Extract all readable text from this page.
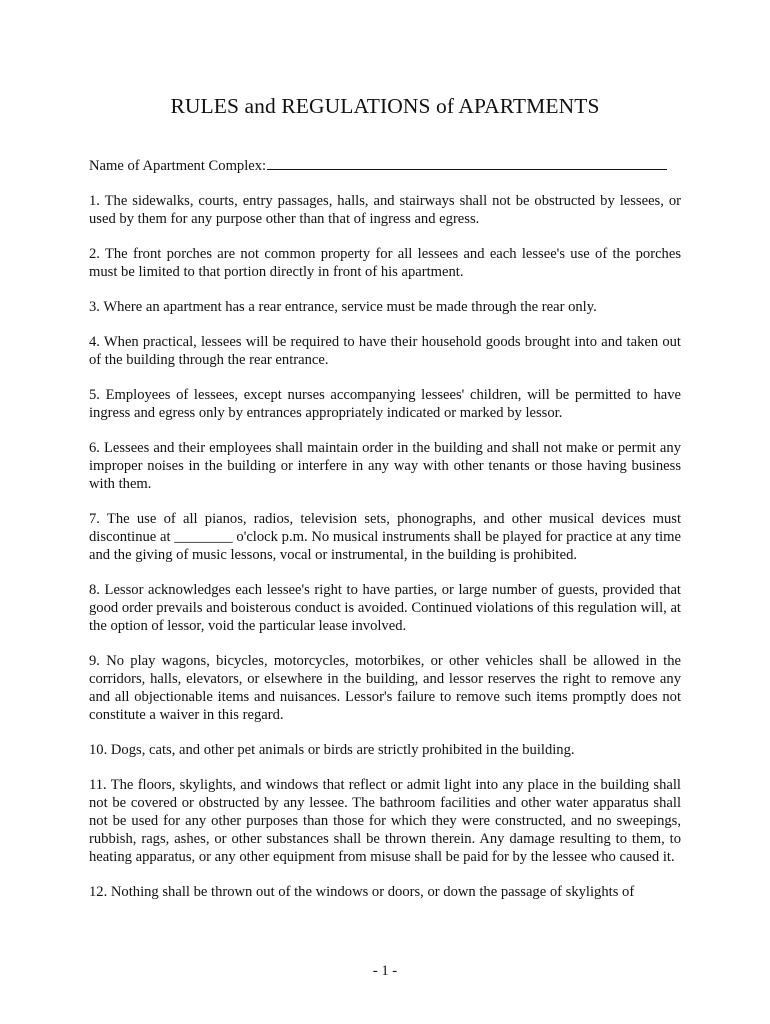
RULES and REGULATIONS of APARTMENTS
Name of Apartment Complex:

1. The sidewalks, courts, entry passages, halls, and stairways shall not be obstructed by lessees, or used by them for any purpose other than that of ingress and egress.

2. The front porches are not common property for all lessees and each lessee's use of the porches must be limited to that portion directly in front of his apartment.

3. Where an apartment has a rear entrance, service must be made through the rear only.

4. When practical, lessees will be required to have their household goods brought into and taken out of the building through the rear entrance.

5. Employees of lessees, except nurses accompanying lessees' children, will be permitted to have ingress and egress only by entrances appropriately indicated or marked by lessor.

6. Lessees and their employees shall maintain order in the building and shall not make or permit any improper noises in the building or interfere in any way with other tenants or those having business with them.

7. The use of all pianos, radios, television sets, phonographs, and other musical devices must discontinue at ________ o'clock p.m. No musical instruments shall be played for practice at any time and the giving of music lessons, vocal or instrumental, in the building is prohibited.

8. Lessor acknowledges each lessee's right to have parties, or large number of guests, provided that good order prevails and boisterous conduct is avoided. Continued violations of this regulation will, at the option of lessor, void the particular lease involved.

9. No play wagons, bicycles, motorcycles, motorbikes, or other vehicles shall be allowed in the corridors, halls, elevators, or elsewhere in the building, and lessor reserves the right to remove any and all objectionable items and nuisances. Lessor's failure to remove such items promptly does not constitute a waiver in this regard.

10. Dogs, cats, and other pet animals or birds are strictly prohibited in the building.

11. The floors, skylights, and windows that reflect or admit light into any place in the building shall not be covered or obstructed by any lessee. The bathroom facilities and other water apparatus shall not be used for any other purposes than those for which they were constructed, and no sweepings, rubbish, rags, ashes, or other substances shall be thrown therein. Any damage resulting to them, to heating apparatus, or any other equipment from misuse shall be paid for by the lessee who caused it.

12. Nothing shall be thrown out of the windows or doors, or down the passage of skylights of

- 1 -
